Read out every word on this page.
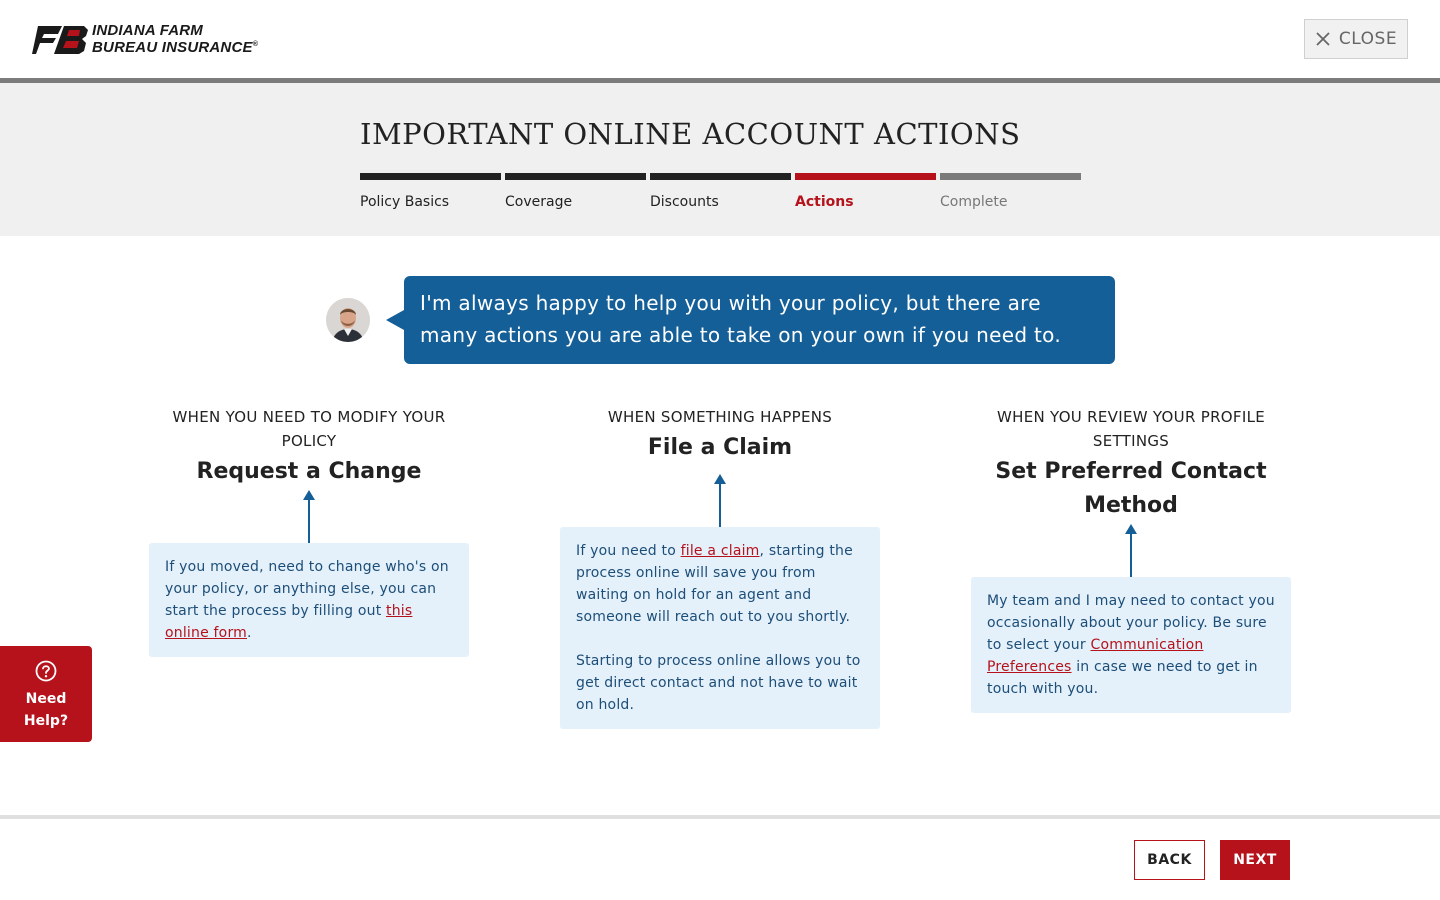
INDIANA FARM
BUREAU INSURANCE®	CLOSE
IMPORTANT ONLINE ACCOUNT ACTIONS
Policy Basics	Coverage	Discounts	Actions	Complete
I'm always happy to help you with your policy, but there are many actions you are able to take on your own if you need to.
WHEN YOU NEED TO MODIFY YOUR POLICY
Request a Change
If you moved, need to change who's on your policy, or anything else, you can start the process by filling out this online form.
WHEN SOMETHING HAPPENS
File a Claim
If you need to file a claim, starting the process online will save you from waiting on hold for an agent and someone will reach out to you shortly.
Starting to process online allows you to get direct contact and not have to wait on hold.
WHEN YOU REVIEW YOUR PROFILE SETTINGS
Set Preferred Contact Method
My team and I may need to contact you occasionally about your policy. Be sure to select your Communication Preferences in case we need to get in touch with you.
Need
Help?
BACK	NEXT
